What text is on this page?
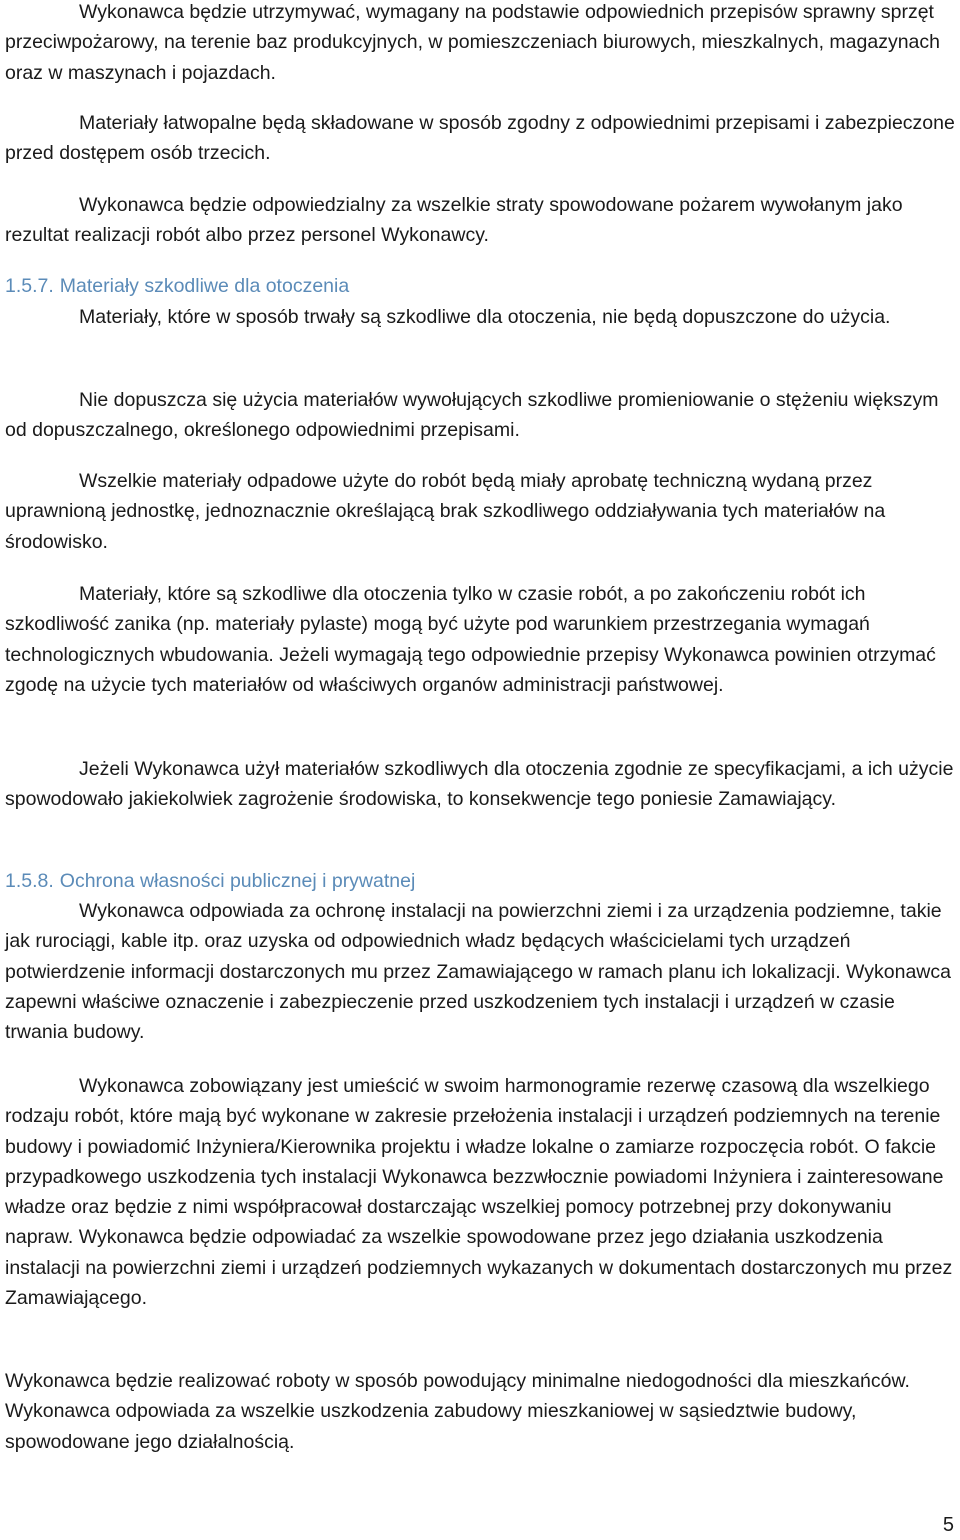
Wykonawca będzie utrzymywać, wymagany na podstawie odpowiednich przepisów sprawny sprzęt przeciwpożarowy, na terenie baz produkcyjnych, w pomieszczeniach biurowych, mieszkalnych, magazynach oraz w maszynach i pojazdach.

Materiały łatwopalne będą składowane w sposób zgodny z odpowiednimi przepisami i zabezpieczone przed dostępem osób trzecich.

Wykonawca będzie odpowiedzialny za wszelkie straty spowodowane pożarem wywołanym jako rezultat realizacji robót albo przez personel Wykonawcy.

1.5.7. Materiały szkodliwe dla otoczenia

Materiały, które w sposób trwały są szkodliwe dla otoczenia, nie będą dopuszczone do użycia.

Nie dopuszcza się użycia materiałów wywołujących szkodliwe promieniowanie o stężeniu większym od dopuszczalnego, określonego odpowiednimi przepisami.

Wszelkie materiały odpadowe użyte do robót będą miały aprobatę techniczną wydaną przez uprawnioną jednostkę, jednoznacznie określającą brak szkodliwego oddziaływania tych materiałów na środowisko.

Materiały, które są szkodliwe dla otoczenia tylko w czasie robót, a po zakończeniu robót ich szkodliwość zanika (np. materiały pylaste) mogą być użyte pod warunkiem przestrzegania wymagań technologicznych wbudowania. Jeżeli wymagają tego odpowiednie przepisy Wykonawca powinien otrzymać zgodę na użycie tych materiałów od właściwych organów administracji państwowej.

Jeżeli Wykonawca użył materiałów szkodliwych dla otoczenia zgodnie ze specyfikacjami, a ich użycie spowodowało jakiekolwiek zagrożenie środowiska, to konsekwencje tego poniesie Zamawiający.

1.5.8. Ochrona własności publicznej i prywatnej

Wykonawca odpowiada za ochronę instalacji na powierzchni ziemi i za urządzenia podziemne, takie jak rurociągi, kable itp. oraz uzyska od odpowiednich władz będących właścicielami tych urządzeń potwierdzenie informacji dostarczonych mu przez Zamawiającego w ramach planu ich lokalizacji. Wykonawca zapewni właściwe oznaczenie i zabezpieczenie przed uszkodzeniem tych instalacji i urządzeń w czasie trwania budowy.

Wykonawca zobowiązany jest umieścić w swoim harmonogramie rezerwę czasową dla wszelkiego rodzaju robót, które mają być wykonane w zakresie przełożenia instalacji i urządzeń podziemnych na terenie budowy i powiadomić Inżyniera/Kierownika projektu i władze lokalne o zamiarze rozpoczęcia robót. O fakcie przypadkowego uszkodzenia tych instalacji Wykonawca bezzwłocznie powiadomi Inżyniera i zainteresowane władze oraz będzie z nimi współpracował dostarczając wszelkiej pomocy potrzebnej przy dokonywaniu napraw. Wykonawca będzie odpowiadać za wszelkie spowodowane przez jego działania uszkodzenia instalacji na powierzchni ziemi i urządzeń podziemnych wykazanych w dokumentach dostarczonych mu przez Zamawiającego.

Wykonawca będzie realizować roboty w sposób powodujący minimalne niedogodności dla mieszkańców. Wykonawca odpowiada za wszelkie uszkodzenia zabudowy mieszkaniowej w sąsiedztwie budowy, spowodowane jego działalnością.

5
